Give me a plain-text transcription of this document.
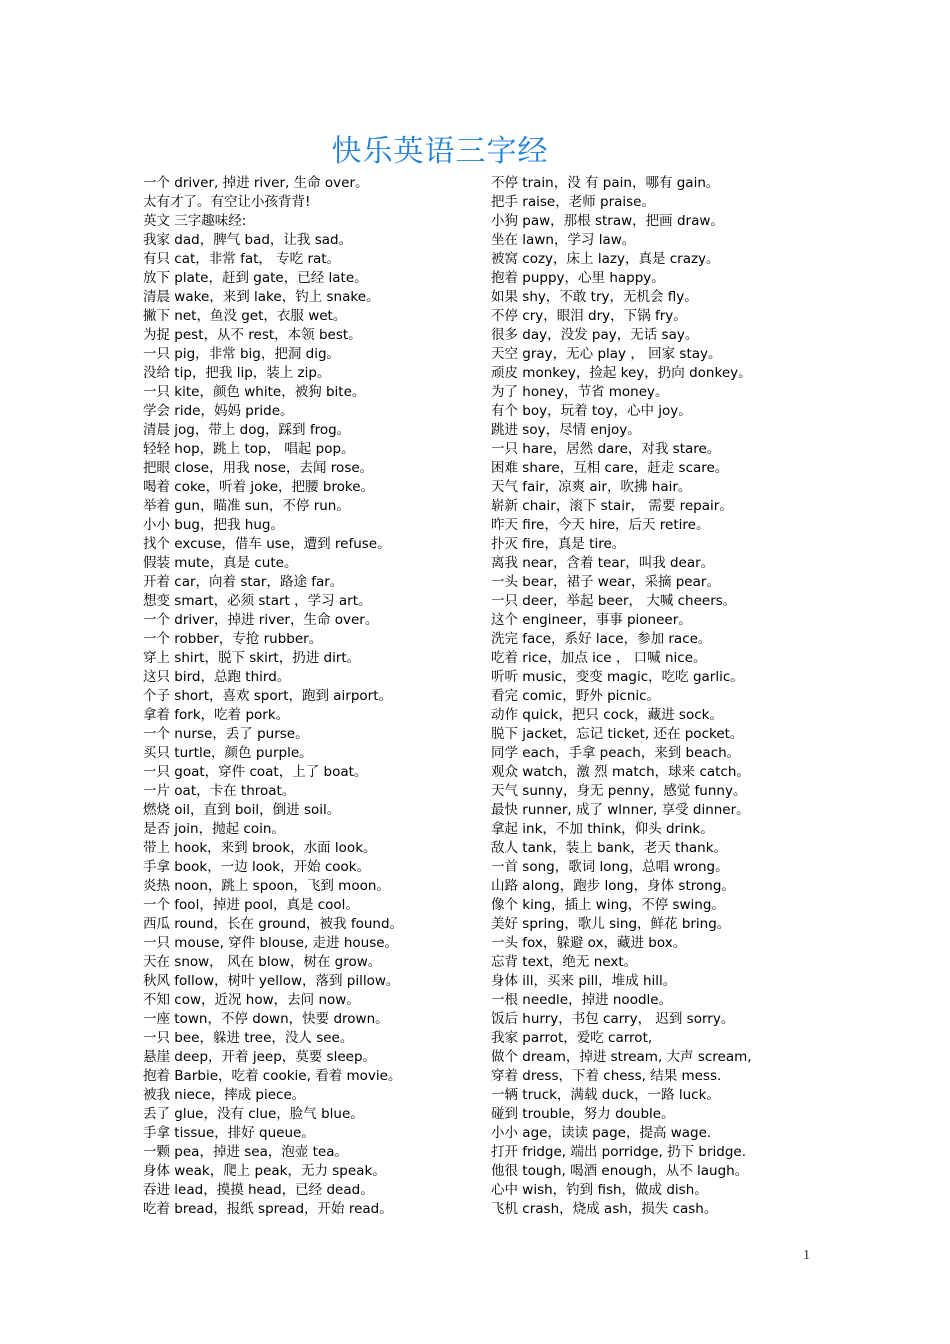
快乐英语三字经
一个 driver, 掉进 river, 生命 over。
太有才了。有空让小孩背背!
英文 三字趣味经:
我家 dad，脾气 bad，让我 sad。
有只 cat，非常 fat， 专吃 rat。
放下 plate，赶到 gate，已经 late。
清晨 wake，来到 lake，钓上 snake。
撇下 net，鱼没 get，衣服 wet。
为捉 pest，从不 rest，本领 best。
一只 pig，非常 big，把洞 dig。
没给 tip，把我 lip，装上 zip。
一只 kite，颜色 white，被狗 bite。
学会 ride，妈妈 pride。
清晨 jog，带上 dog，踩到 frog。
轻轻 hop，跳上 top， 唱起 pop。
把眼 close，用我 nose，去闻 rose。
喝着 coke，听着 joke，把腰 broke。
举着 gun，瞄准 sun，不停 run。
小小 bug，把我 hug。
找个 excuse，借车 use，遭到 refuse。
假装 mute，真是 cute。
开着 car，向着 star，路途 far。
想变 smart，必须 start ，学习 art。
一个 driver，掉进 river，生命 over。
一个 robber，专抢 rubber。
穿上 shirt，脱下 skirt，扔进 dirt。
这只 bird，总跑 third。
个子 short，喜欢 sport，跑到 airport。
拿着 fork，吃着 pork。
一个 nurse，丢了 purse。
买只 turtle，颜色 purple。
一只 goat，穿件 coat，上了 boat。
一片 oat，卡在 throat。
燃烧 oil，直到 boil，倒进 soil。
是否 join，抛起 coin。
带上 hook，来到 brook，水面 look。
手拿 book，一边 look，开始 cook。
炎热 noon，跳上 spoon，飞到 moon。
一个 fool，掉进 pool，真是 cool。
西瓜 round，长在 ground，被我 found。
一只 mouse, 穿件 blouse, 走进 house。
天在 snow， 风在 blow，树在 grow。
秋风 follow，树叶 yellow，落到 pillow。
不知 cow，近况 how，去问 now。
一座 town，不停 down，快要 drown。
一只 bee，躲进 tree，没人 see。
悬崖 deep，开着 jeep，莫要 sleep。
抱着 Barbie，吃着 cookie, 看着 movie。
被我 niece，摔成 piece。
丢了 glue，没有 clue，脸气 blue。
手拿 tissue，排好 queue。
一颗 pea，掉进 sea，泡壶 tea。
身体 weak，爬上 peak，无力 speak。
吞进 lead，摸摸 head，已经 dead。
吃着 bread，报纸 spread，开始 read。
不停 train，没 有 pain，哪有 gain。
把手 raise，老师 praise。
小狗 paw，那根 straw，把画 draw。
坐在 lawn，学习 law。
被窝 cozy，床上 lazy，真是 crazy。
抱着 puppy，心里 happy。
如果 shy，不敢 try，无机会 fly。
不停 cry，眼泪 dry，下锅 fry。
很多 day，没发 pay，无话 say。
天空 gray，无心 play ， 回家 stay。
顽皮 monkey，捡起 key，扔向 donkey。
为了 honey，节省 money。
有个 boy，玩着 toy，心中 joy。
跳进 soy，尽情 enjoy。
一只 hare，居然 dare，对我 stare。
困难 share，互相 care，赶走 scare。
天气 fair，凉爽 air，吹拂 hair。
崭新 chair，滚下 stair， 需要 repair。
昨天 fire，今天 hire，后天 retire。
扑灭 fire，真是 tire。
离我 near，含着 tear，叫我 dear。
一头 bear，裙子 wear，采摘 pear。
一只 deer，举起 beer， 大喊 cheers。
这个 engineer，事事 pioneer。
洗完 face，系好 lace，参加 race。
吃着 rice，加点 ice ， 口喊 nice。
听听 music，变变 magic，吃吃 garlic。
看完 comic，野外 picnic。
动作 quick，把只 cock，藏进 sock。
脱下 jacket，忘记 ticket, 还在 pocket。
同学 each，手拿 peach，来到 beach。
观众 watch，激 烈 match，球来 catch。
天气 sunny，身无 penny，感觉 funny。
最快 runner, 成了 wlnner, 享受 dinner。
拿起 ink，不加 think，仰头 drink。
敌人 tank，装上 bank，老天 thank。
一首 song，歌词 long，总唱 wrong。
山路 along，跑步 long，身体 strong。
像个 king，插上 wing，不停 swing。
美好 spring，歌儿 sing，鲜花 bring。
一头 fox，躲避 ox，藏进 box。
忘背 text，绝无 next。
身体 ill，买来 pill，堆成 hill。
一根 needle，掉进 noodle。
饭后 hurry，书包 carry， 迟到 sorry。
我家 parrot，爱吃 carrot,
做个 dream，掉进 stream, 大声 scream,
穿着 dress，下着 chess, 结果 mess.
一辆 truck，满载 duck，一路 luck。
碰到 trouble，努力 double。
小小 age，读读 page，提高 wage.
打开 fridge, 端出 porridge, 扔下 bridge.
他很 tough, 喝酒 enough，从不 laugh。
心中 wish，钓到 fish，做成 dish。
飞机 crash，烧成 ash，损失 cash。
1
